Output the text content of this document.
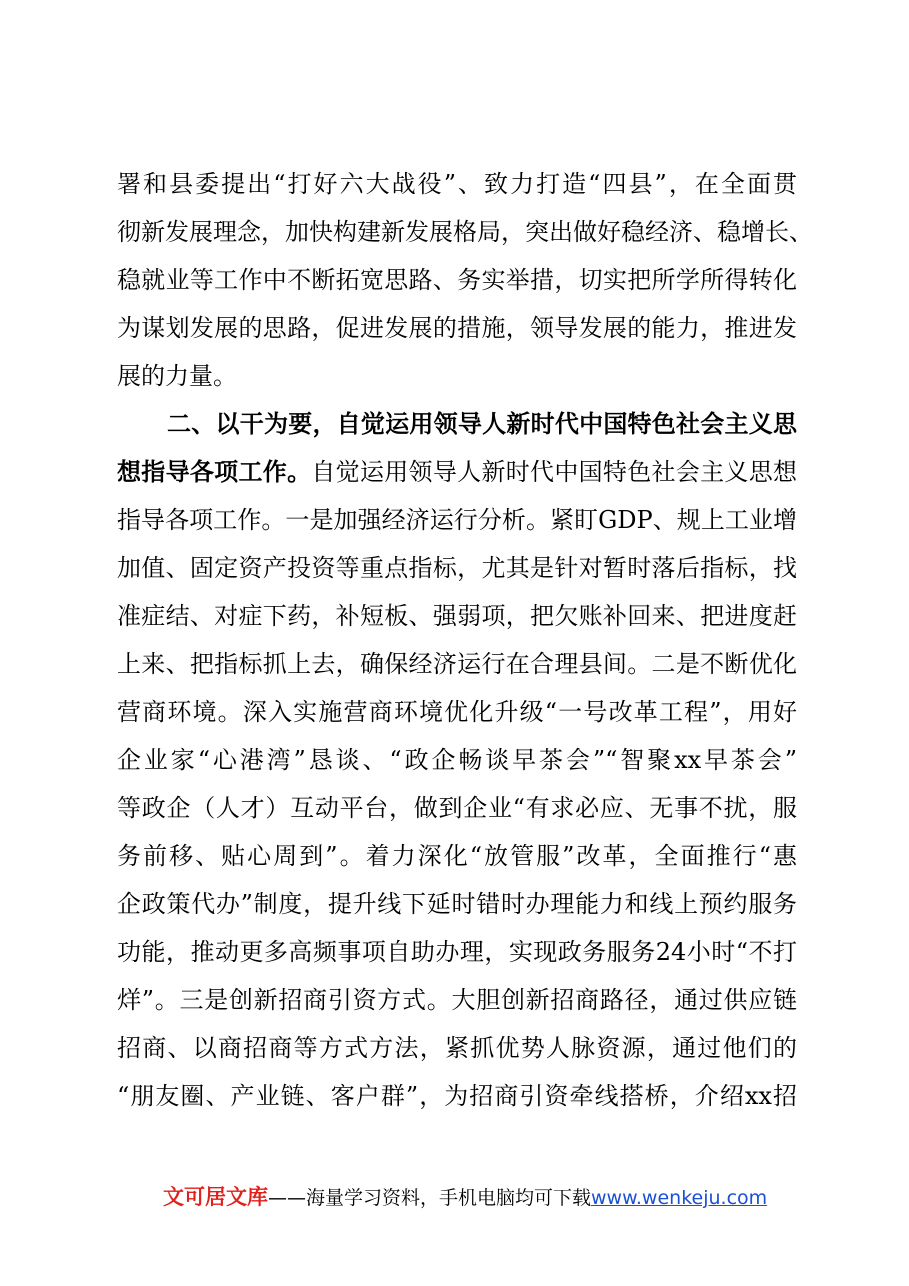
署和县委提出“打好六大战役”、致力打造“四县”，在全面贯
彻新发展理念，加快构建新发展格局，突出做好稳经济、稳增长、
稳就业等工作中不断拓宽思路、务实举措，切实把所学所得转化
为谋划发展的思路，促进发展的措施，领导发展的能力，推进发
展的力量。
二、以干为要，自觉运用领导人新时代中国特色社会主义思
想指导各项工作。自觉运用领导人新时代中国特色社会主义思想
指导各项工作。一是加强经济运行分析。紧盯GDP、规上工业增
加值、固定资产投资等重点指标，尤其是针对暂时落后指标，找
准症结、对症下药，补短板、强弱项，把欠账补回来、把进度赶
上来、把指标抓上去，确保经济运行在合理县间。二是不断优化
营商环境。深入实施营商环境优化升级“一号改革工程”，用好
企业家“心港湾”恳谈、“政企畅谈早茶会”“智聚xx早茶会”
等政企（人才）互动平台，做到企业“有求必应、无事不扰，服
务前移、贴心周到”。着力深化“放管服”改革，全面推行“惠
企政策代办”制度，提升线下延时错时办理能力和线上预约服务
功能，推动更多高频事项自助办理，实现政务服务24小时“不打
烊”。三是创新招商引资方式。大胆创新招商路径，通过供应链
招商、以商招商等方式方法，紧抓优势人脉资源，通过他们的
“朋友圈、产业链、客户群”，为招商引资牵线搭桥，介绍xx招
文可居文库——海量学习资料，手机电脑均可下载www.wenkeju.com
